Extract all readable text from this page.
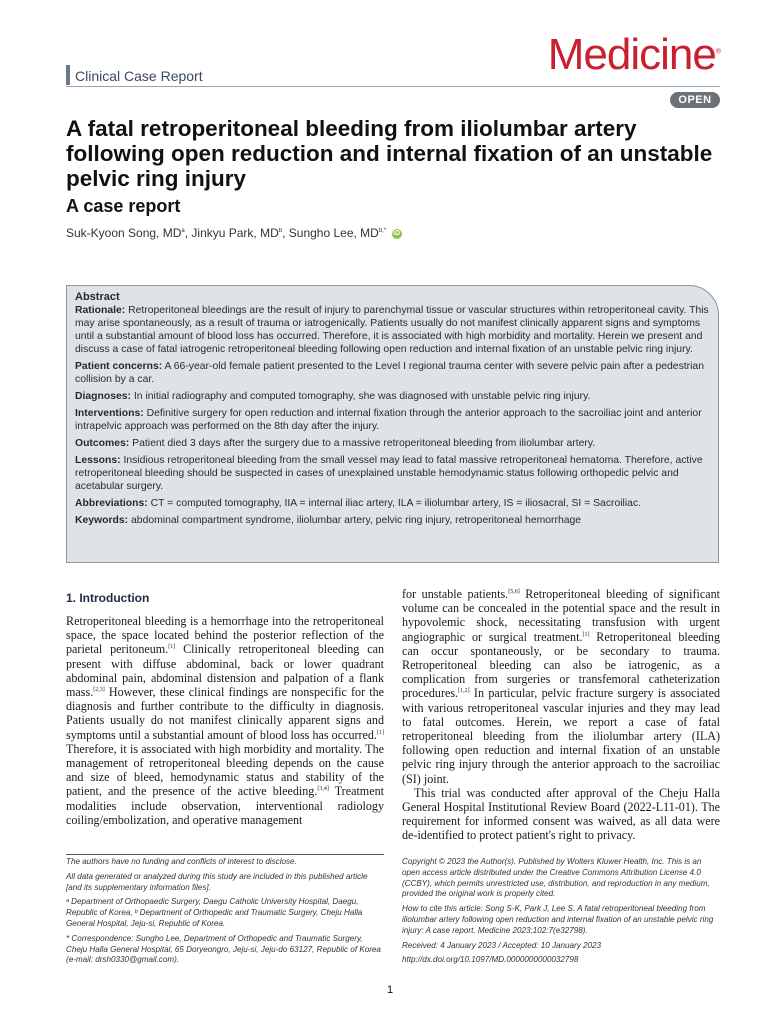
Clinical Case Report	Medicine®
OPEN
A fatal retroperitoneal bleeding from iliolumbar artery following open reduction and internal fixation of an unstable pelvic ring injury
A case report
Suk-Kyoon Song, $MD^a$, Jinkyu Park, $MD^b$, Sungho Lee, $MD^{b,*}$ iD
Abstract

Rationale: Retroperitoneal bleedings are the result of injury to parenchymal tissue or vascular structures within retroperitoneal cavity. This may arise spontaneously, as a result of trauma or iatrogenically. Patients usually do not manifest clinically apparent signs and symptoms until a substantial amount of blood loss has occurred. Therefore, it is associated with high morbidity and mortality. Herein we present and discuss a case of fatal iatrogenic retroperitoneal bleeding following open reduction and internal fixation of an unstable pelvic ring injury.

Patient concerns: A 66-year-old female patient presented to the Level I regional trauma center with severe pelvic pain after a pedestrian collision by a car.

Diagnoses: In initial radiography and computed tomography, she was diagnosed with unstable pelvic ring injury.

Interventions: Definitive surgery for open reduction and internal fixation through the anterior approach to the sacroiliac joint and anterior intrapelvic approach was performed on the 8th day after the injury.

Outcomes: Patient died 3 days after the surgery due to a massive retroperitoneal bleeding from iliolumbar artery.

Lessons: Insidious retroperitoneal bleeding from the small vessel may lead to fatal massive retroperitoneal hematoma. Therefore, active retroperitoneal bleeding should be suspected in cases of unexplained unstable hemodynamic status following orthopedic pelvic and acetabular surgery.

Abbreviations: CT = computed tomography, IIA = internal iliac artery, ILA = iliolumbar artery, IS = iliosacral, SI = Sacroiliac.

Keywords: abdominal compartment syndrome, iliolumbar artery, pelvic ring injury, retroperitoneal hemorrhage

1. Introduction

Retroperitoneal bleeding is a hemorrhage into the retroperitoneal space, the space located behind the posterior reflection of the parietal peritoneum.[1] Clinically retroperitoneal bleeding can present with diffuse abdominal, back or lower quadrant abdominal pain, abdominal distension and palpation of a flank mass.[2,3] However, these clinical findings are nonspecific for the diagnosis and further contribute to the difficulty in diagnosis. Patients usually do not manifest clinically apparent signs and symptoms until a substantial amount of blood loss has occurred.[1] Therefore, it is associated with high morbidity and mortality. The management of retroperitoneal bleeding depends on the cause and size of bleed, hemodynamic status and stability of the patient, and the presence of the active bleeding.[3,4] Treatment modalities include observation, interventional radiology coiling/embolization, and operative management

for unstable patients.[5,6] Retroperitoneal bleeding of significant volume can be concealed in the potential space and the result in hypovolemic shock, necessitating transfusion with urgent angiographic or surgical treatment.[1] Retroperitoneal bleeding can occur spontaneously, or be secondary to trauma. Retroperitoneal bleeding can also be iatrogenic, as a complication from surgeries or transfemoral catheterization procedures.[1,2] In particular, pelvic fracture surgery is associated with various retroperitoneal vascular injuries and they may lead to fatal outcomes. Herein, we report a case of fatal retroperitoneal bleeding from the iliolumbar artery (ILA) following open reduction and internal fixation of an unstable pelvic ring injury through the anterior approach to the sacroiliac (SI) joint.

This trial was conducted after approval of the Cheju Halla General Hospital Institutional Review Board (2022-L11-01). The requirement for informed consent was waived, as all data were de-identified to protect patient's right to privacy.

The authors have no funding and conflicts of interest to disclose.

All data generated or analyzed during this study are included in this published article [and its supplementary information files].

ᵃ Department of Orthopaedic Surgery, Daegu Catholic University Hospital, Daegu, Republic of Korea, ᵇ Department of Orthopedic and Traumatic Surgery, Cheju Halla General Hospital, Jeju-si, Republic of Korea.

* Correspondence: Sungho Lee, Department of Orthopedic and Traumatic Surgery, Cheju Halla General Hospital, 65 Doryeongro, Jeju-si, Jeju-do 63127, Republic of Korea (e-mail: drsh0330@gmail.com).

Copyright © 2023 the Author(s). Published by Wolters Kluwer Health, Inc. This is an open access article distributed under the Creative Commons Attribution License 4.0 (CCBY), which permits unrestricted use, distribution, and reproduction in any medium, provided the original work is properly cited.

How to cite this article: Song S-K, Park J, Lee S. A fatal retroperitoneal bleeding from iliolumbar artery following open reduction and internal fixation of an unstable pelvic ring injury: A case report. Medicine 2023;102:7(e32798).

Received: 4 January 2023 / Accepted: 10 January 2023

http://dx.doi.org/10.1097/MD.0000000000032798

1
